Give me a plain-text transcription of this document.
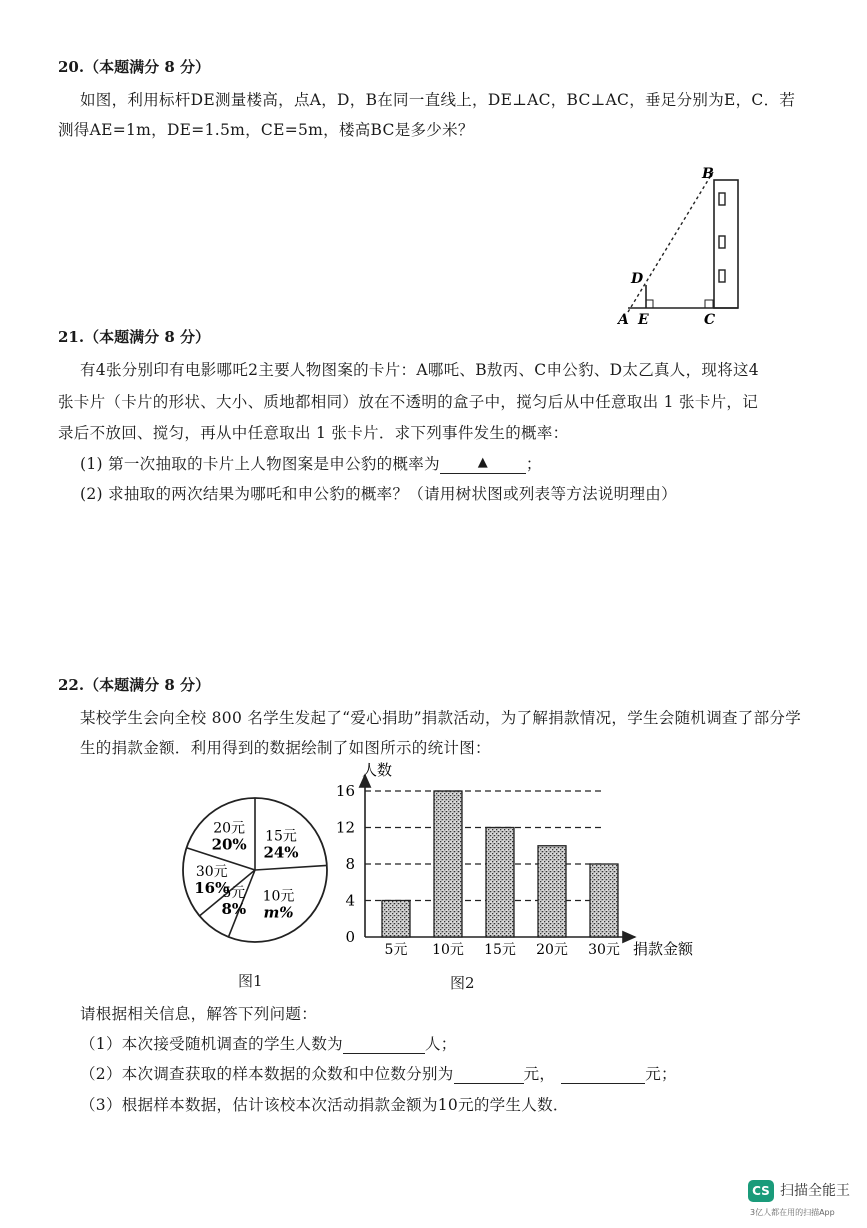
20.（本题满分 8 分）
如图，利用标杆DE测量楼高，点A，D，B在同一直线上，DE⊥AC，BC⊥AC，垂足分别为E，C．若
测得AE=1m，DE=1.5m，CE=5m，楼高BC是多少米？
B
D
A E	C
21.（本题满分 8 分）
有4张分别印有电影哪吒2主要人物图案的卡片：A哪吒、B敖丙、C申公豹、D太乙真人，现将这4
张卡片（卡片的形状、大小、质地都相同）放在不透明的盒子中，搅匀后从中任意取出 1 张卡片，记
录后不放回、搅匀，再从中任意取出 1 张卡片．求下列事件发生的概率：
(1) 第一次抽取的卡片上人物图案是申公豹的概率为	▲ ；
(2) 求抽取的两次结果为哪吒和申公豹的概率？（请用树状图或列表等方法说明理由）
22.（本题满分 8 分）
某校学生会向全校 800 名学生发起了“爱心捐助”捐款活动，为了解捐款情况，学生会随机调查了部分学
生的捐款金额．利用得到的数据绘制了如图所示的统计图：
15元
24%
10元
m%
5元
8%
30元
16%
20元
20%
图1
0
4
8
12
16
5元 10元 15元 20元 30元
人数
捐款金额
图2
请根据相关信息，解答下列问题：
（1）本次接受随机调查的学生人数为	人；
（2）本次调查获取的样本数据的众数和中位数分别为	元，	元；
（3）根据样本数据，估计该校本次活动捐款金额为10元的学生人数．
CS 扫描全能王
3亿人都在用的扫描App
